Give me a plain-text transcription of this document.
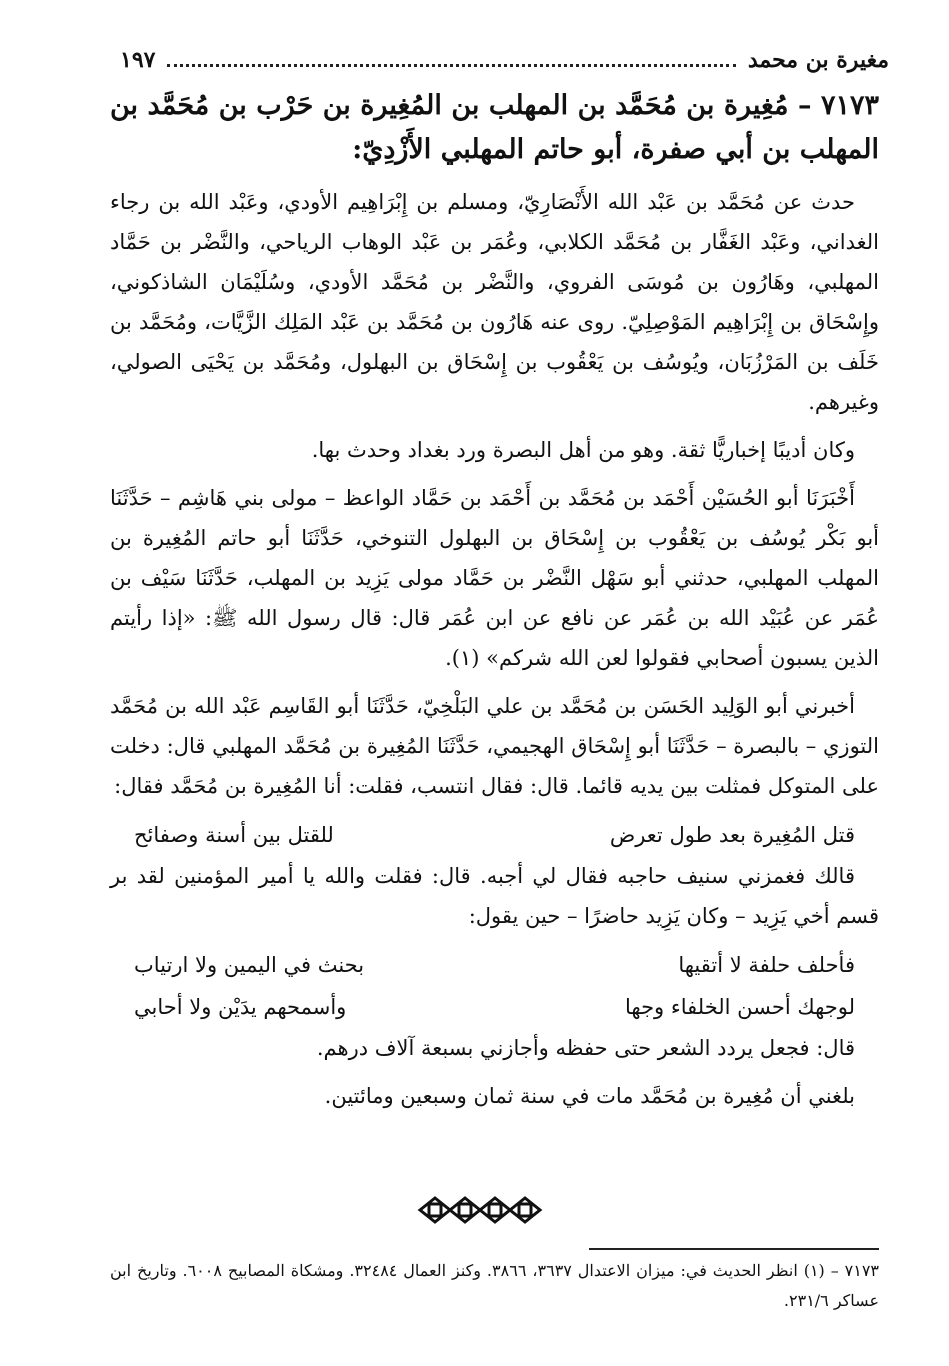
مغيرة بن محمد
١٩٧
٧١٧٣ – مُغِيرة بن مُحَمَّد بن المهلب بن المُغِيرة بن حَرْب بن مُحَمَّد بن المهلب بن أبي صفرة، أبو حاتم المهلبي الأَزْدِيّ:

حدث عن مُحَمَّد بن عَبْد الله الأَنْصَارِيّ، ومسلم بن إِبْرَاهِيم الأودي، وعَبْد الله بن رجاء الغداني، وعَبْد الغَفَّار بن مُحَمَّد الكلابي، وعُمَر بن عَبْد الوهاب الرياحي، والنَّضْر بن حَمَّاد المهلبي، وهَارُون بن مُوسَى الفروي، والنَّضْر بن مُحَمَّد الأودي، وسُلَيْمَان الشاذكوني، وإِسْحَاق بن إِبْرَاهِيم المَوْصِلِيّ. روى عنه هَارُون بن مُحَمَّد بن عَبْد المَلِك الزَّيَّات، ومُحَمَّد بن خَلَف بن المَرْزُبَان، ويُوسُف بن يَعْقُوب بن إِسْحَاق بن البهلول، ومُحَمَّد بن يَحْيَى الصولي، وغيرهم.

وكان أديبًا إخباريًّا ثقة. وهو من أهل البصرة ورد بغداد وحدث بها.

أَخْبَرَنَا أبو الحُسَيْن أَحْمَد بن مُحَمَّد بن أَحْمَد بن حَمَّاد الواعظ – مولى بني هَاشِم – حَدَّثَنَا أبو بَكْر يُوسُف بن يَعْقُوب بن إِسْحَاق بن البهلول التنوخي، حَدَّثَنَا أبو حاتم المُغِيرة بن المهلب المهلبي، حدثني أبو سَهْل النَّضْر بن حَمَّاد مولى يَزِيد بن المهلب، حَدَّثَنَا سَيْف بن عُمَر عن عُبَيْد الله بن عُمَر عن نافع عن ابن عُمَر قال: قال رسول الله ﷺ: «إذا رأيتم الذين يسبون أصحابي فقولوا لعن الله شركم» (١).

أخبرني أبو الوَلِيد الحَسَن بن مُحَمَّد بن علي البَلْخِيّ، حَدَّثَنَا أبو القَاسِم عَبْد الله بن مُحَمَّد التوزي – بالبصرة – حَدَّثَنَا أبو إِسْحَاق الهجيمي، حَدَّثَنَا المُغِيرة بن مُحَمَّد المهلبي قال: دخلت على المتوكل فمثلت بين يديه قائما. قال: فقال انتسب، فقلت: أنا المُغِيرة بن مُحَمَّد فقال:

قتل المُغِيرة بعد طول تعرض
للقتل بين أسنة وصفائح

قالك فغمزني سنيف حاجبه فقال لي أجبه. قال: فقلت والله يا أمير المؤمنين لقد بر قسم أخي يَزِيد – وكان يَزِيد حاضرًا – حين يقول:

فأحلف حلفة لا أتقيها
بحنث في اليمين ولا ارتياب
لوجهك أحسن الخلفاء وجها
وأسمحهم يدَيْن ولا أحابي

قال: فجعل يردد الشعر حتى حفظه وأجازني بسبعة آلاف درهم.

بلغني أن مُغِيرة بن مُحَمَّد مات في سنة ثمان وسبعين ومائتين.

٧١٧٣ – (١) انظر الحديث في: ميزان الاعتدال ٣٦٣٧، ٣٨٦٦. وكنز العمال ٣٢٤٨٤. ومشكاة المصابيح ٦٠٠٨. وتاريخ ابن عساكر ٢٣١/٦.
